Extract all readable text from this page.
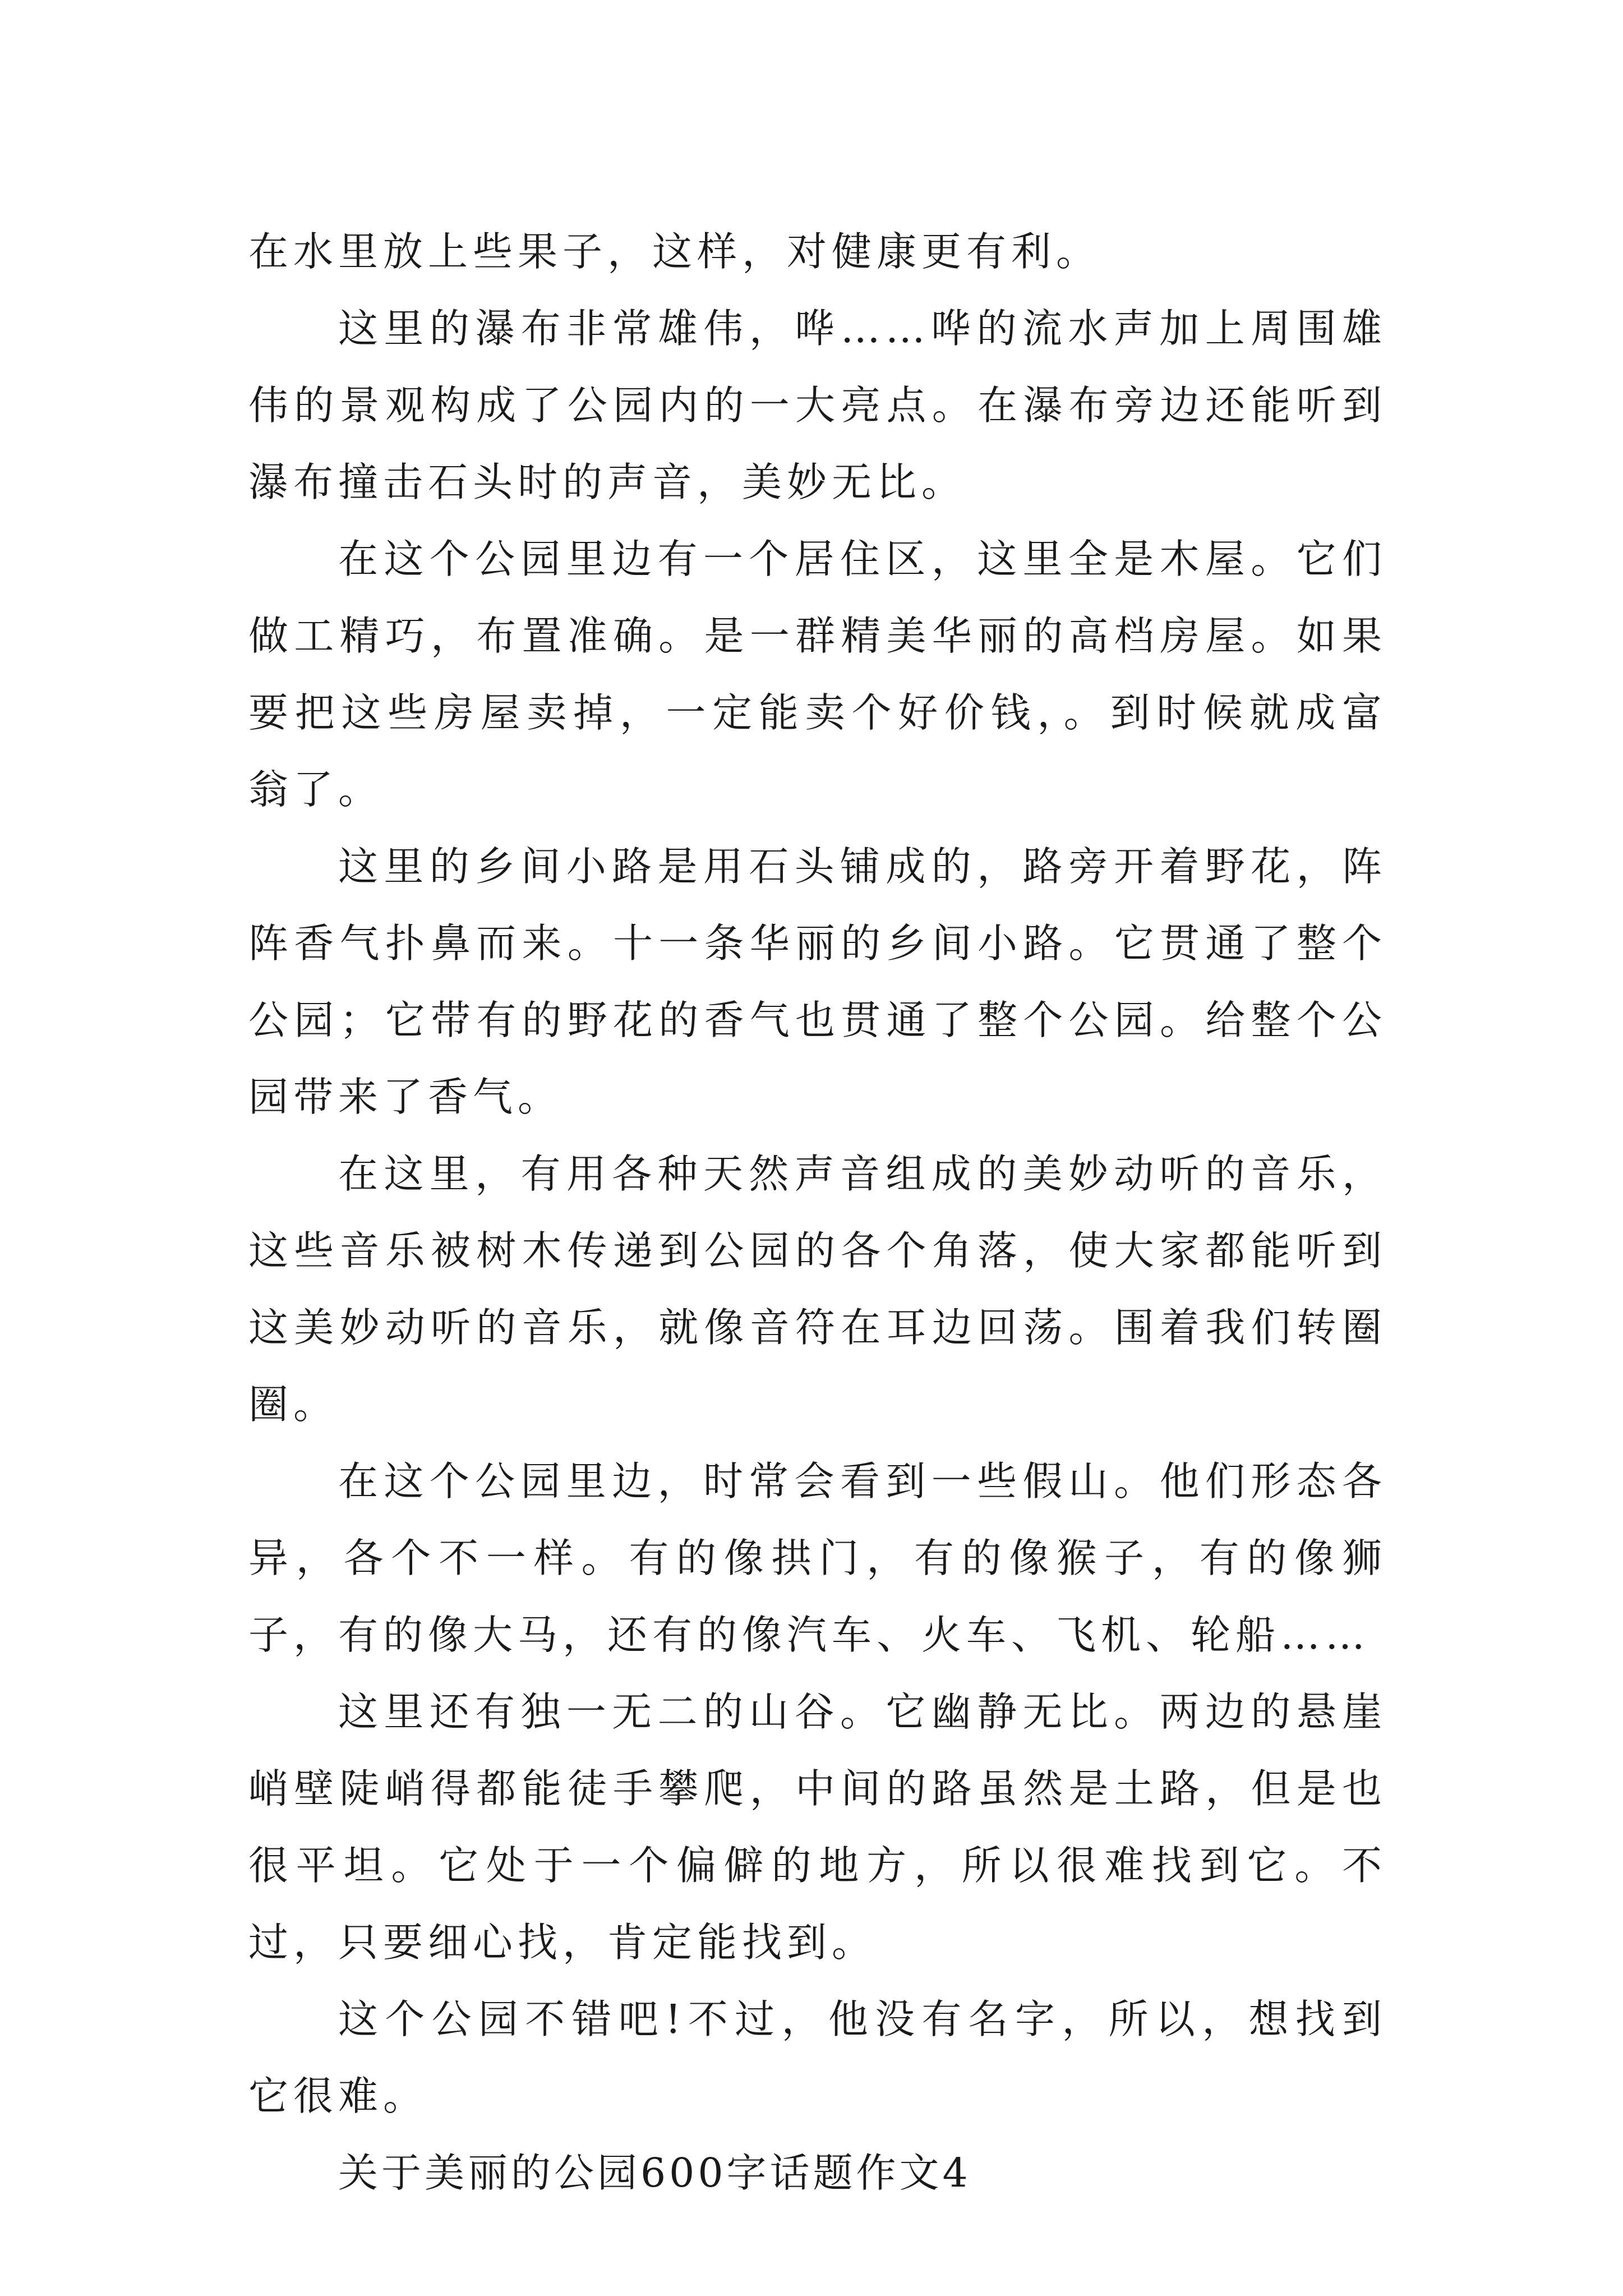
在水里放上些果子，这样，对健康更有利。

这里的瀑布非常雄伟，哗……哗的流水声加上周围雄伟的景观构成了公园内的一大亮点。在瀑布旁边还能听到瀑布撞击石头时的声音，美妙无比。

在这个公园里边有一个居住区，这里全是木屋。它们做工精巧，布置准确。是一群精美华丽的高档房屋。如果要把这些房屋卖掉，一定能卖个好价钱，。到时候就成富翁了。

这里的乡间小路是用石头铺成的，路旁开着野花，阵阵香气扑鼻而来。十一条华丽的乡间小路。它贯通了整个公园；它带有的野花的香气也贯通了整个公园。给整个公园带来了香气。

在这里，有用各种天然声音组成的美妙动听的音乐，这些音乐被树木传递到公园的各个角落，使大家都能听到这美妙动听的音乐，就像音符在耳边回荡。围着我们转圈圈。

在这个公园里边，时常会看到一些假山。他们形态各异，各个不一样。有的像拱门，有的像猴子，有的像狮子，有的像大马，还有的像汽车、火车、飞机、轮船……

这里还有独一无二的山谷。它幽静无比。两边的悬崖峭壁陡峭得都能徒手攀爬，中间的路虽然是土路，但是也很平坦。它处于一个偏僻的地方，所以很难找到它。不过，只要细心找，肯定能找到。

这个公园不错吧!不过，他没有名字，所以，想找到它很难。

关于美丽的公园600字话题作文4
